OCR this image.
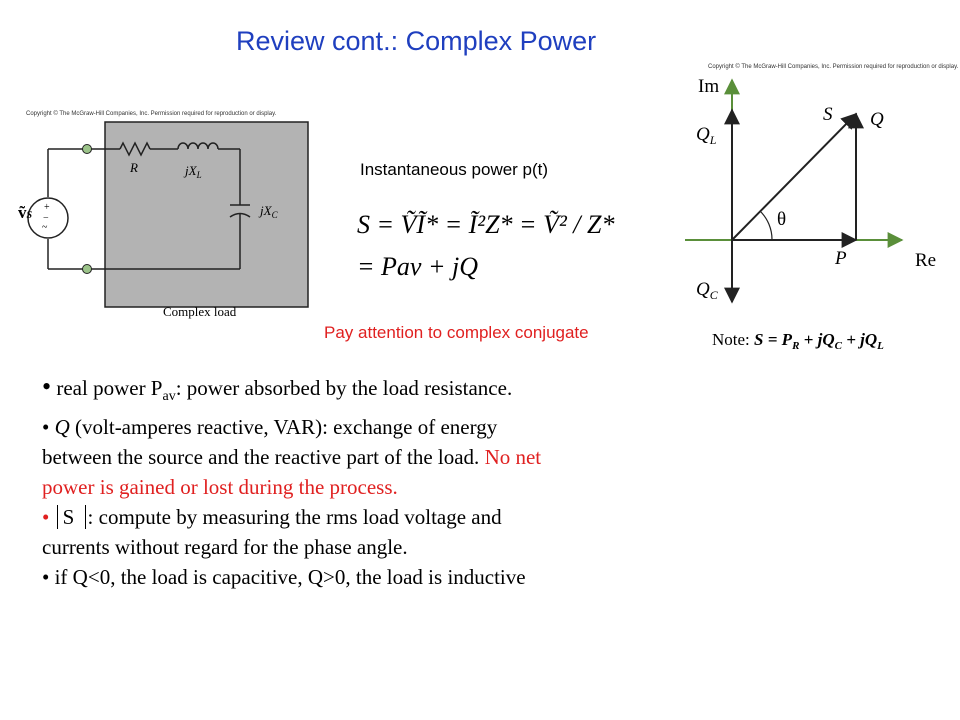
Review cont.: Complex Power
Copyright © The McGraw-Hill Companies, Inc. Permission required for reproduction or display.
+
−
~
ṽS
R	$jX_L$
$jX_C$
Complex load
Instantaneous power p(t)
S = ṼĨ* = Ĩ²Z* = Ṽ² / Z*
= Pav + jQ
Pay attention to complex conjugate
Copyright © The McGraw-Hill Companies, Inc. Permission required for reproduction or display.
Im
Re
S Q
P
θ
$Q_L$
$Q_C$
Note: $S = P_R + jQ_C + jQ_L$
• real power $P_{av}$: power absorbed by the load resistance.
• Q (volt-amperes reactive, VAR): exchange of energy
between the source and the reactive part of the load. No net
power is gained or lost during the process.
• S : compute by measuring the rms load voltage and
currents without regard for the phase angle.
• if Q<0, the load is capacitive, Q>0, the load is inductive
